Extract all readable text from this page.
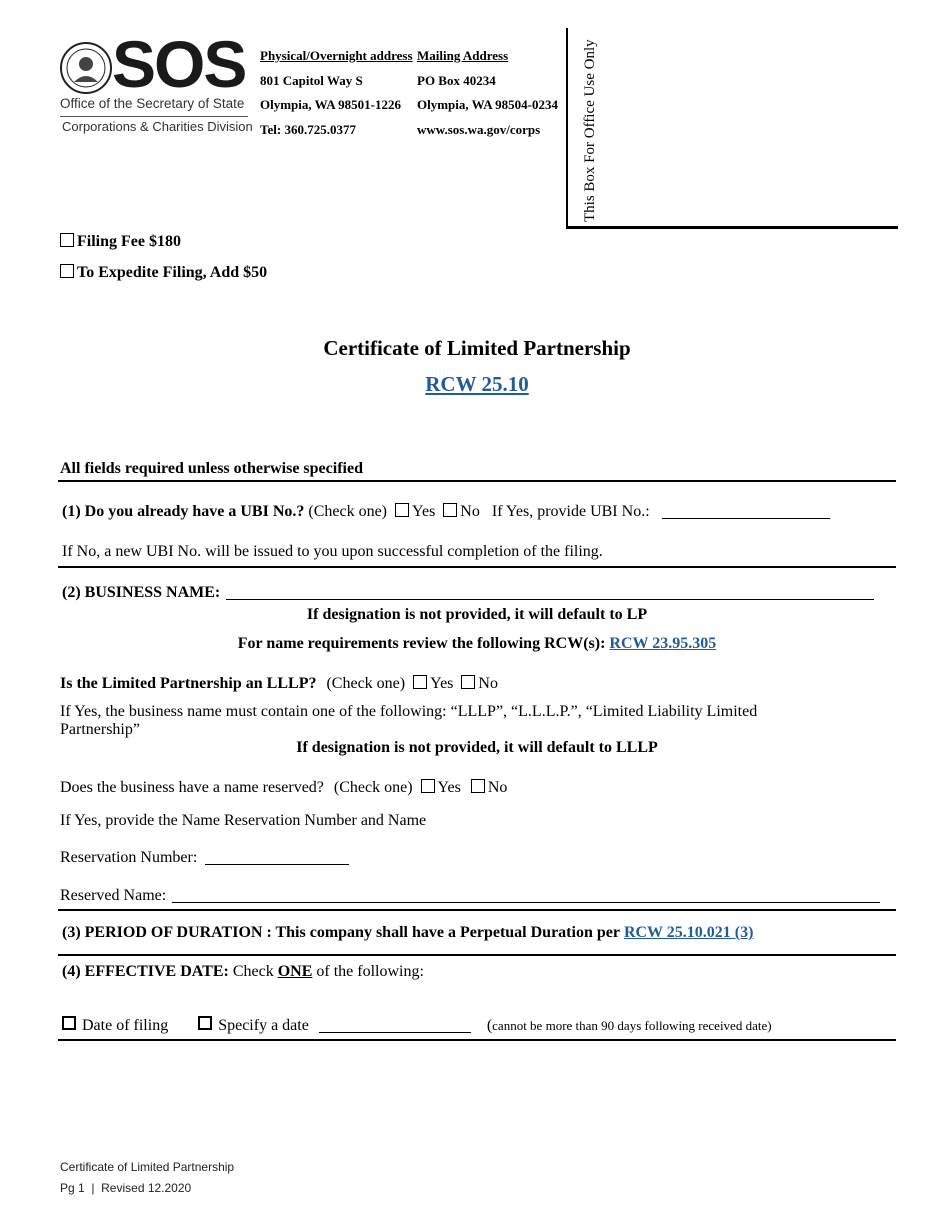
SOS
Office of the Secretary of State
Corporations & Charities Division
Physical/Overnight address
801 Capitol Way S
Olympia, WA 98501-1226
Tel: 360.725.0377
Mailing Address
PO Box 40234
Olympia, WA 98504-0234
www.sos.wa.gov/corps	This Box For Office Use Only
Filing Fee $180
To Expedite Filing, Add $50
Certificate of Limited Partnership
RCW 25.10
All fields required unless otherwise specified
(1) Do you already have a UBI No.? (Check one) Yes No If Yes, provide UBI No.:
If No, a new UBI No. will be issued to you upon successful completion of the filing.
(2) BUSINESS NAME:
If designation is not provided, it will default to LP
For name requirements review the following RCW(s): RCW 23.95.305
Is the Limited Partnership an LLLP? (Check one) Yes No
If Yes, the business name must contain one of the following: “LLLP”, “L.L.L.P.”, “Limited Liability Limited Partnership”
If designation is not provided, it will default to LLLP
Does the business have a name reserved? (Check one) Yes No
If Yes, provide the Name Reservation Number and Name
Reservation Number:
Reserved Name:
(3) PERIOD OF DURATION : This company shall have a Perpetual Duration per RCW 25.10.021 (3)
(4) EFFECTIVE DATE: Check ONE of the following:
Date of filing	Specify a date	(cannot be more than 90 days following received date)
Certificate of Limited Partnership
Pg 1  |  Revised 12.2020
